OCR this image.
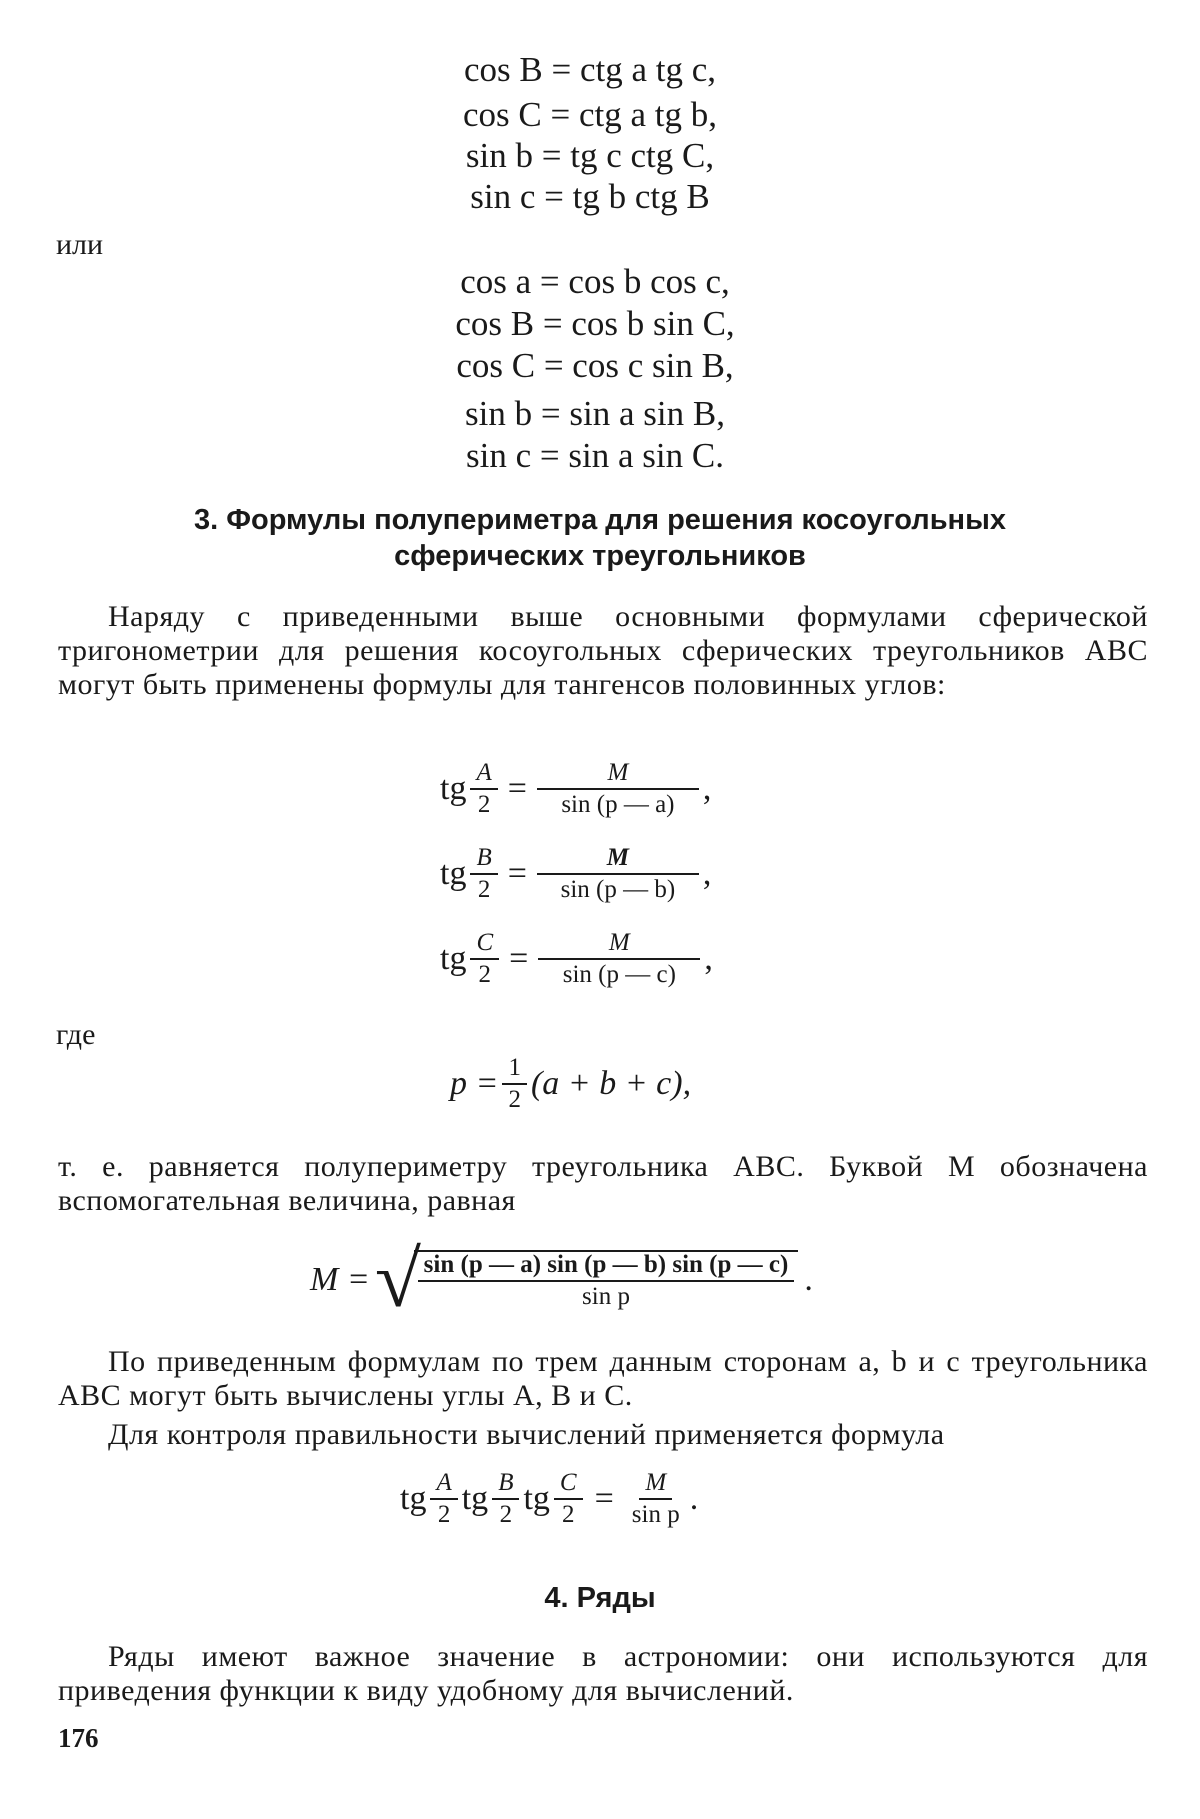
cos B = ctg a tg c,
cos C = ctg a tg b,
sin b = tg c ctg C,
sin c = tg b ctg B
или
cos a = cos b cos c,
cos B = cos b sin C,
cos C = cos c sin B,
sin b = sin a sin B,
sin c = sin a sin C.
3. Формулы полупериметра для решения косоугольных
сферических треугольников
Наряду с приведенными выше основными формулами сферической тригонометрии для решения косоугольных сферических треугольников ABC могут быть применены формулы для тангенсов половинных углов:
tg $\frac{A}{2} = \frac{M}{\sin (p — a)}$ ,
tg $\frac{B}{2} = \frac{M}{\sin (p — b)}$ ,
tg $\frac{C}{2} = \frac{M}{\sin (p — c)}$ ,
где
$p = \frac{1}{2} (a + b + c)$,
т. е. равняется полупериметру треугольника ABC. Буквой M обозначена вспомогательная величина, равная
M = √
$\frac{\sin (p — a) \sin (p — b) \sin (p — c)}{\text{sin p}}$ .
По приведенным формулам по трем данным сторонам a, b и c треугольника ABC могут быть вычислены углы A, B и C.
Для контроля правильности вычислений применяется формула
tg $\frac{A}{2}$ tg $\frac{B}{2}$ tg $\frac{C}{2} = \frac{M}{\text{sin p}}$ .
4. Ряды
Ряды имеют важное значение в астрономии: они используются для приведения функции к виду удобному для вычислений.
176
